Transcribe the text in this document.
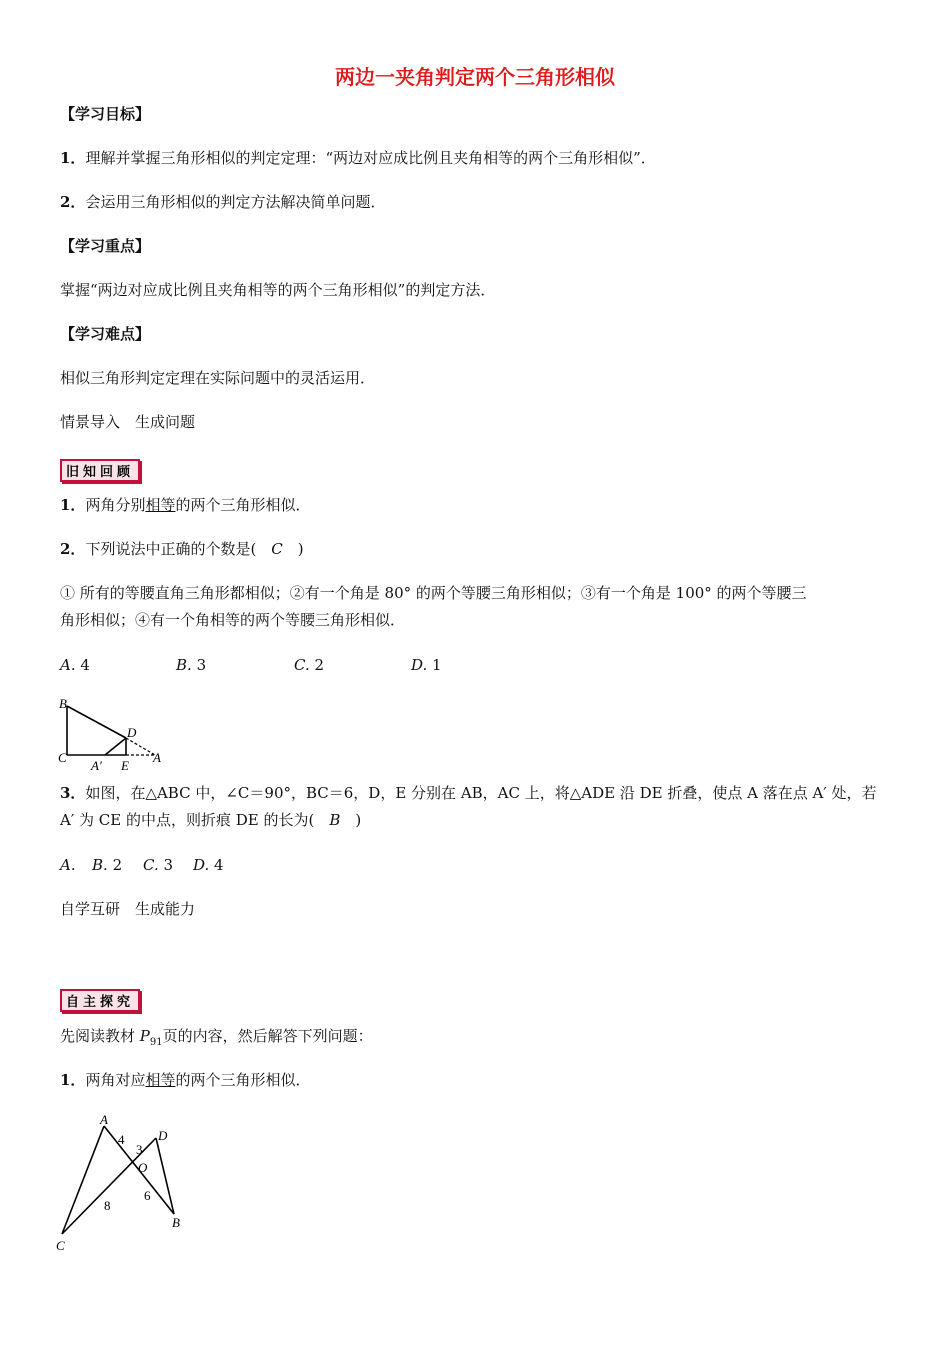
两边一夹角判定两个三角形相似
【学习目标】
1．理解并掌握三角形相似的判定定理：“两边对应成比例且夹角相等的两个三角形相似”．
2．会运用三角形相似的判定方法解决简单问题．
【学习重点】
掌握“两边对应成比例且夹角相等的两个三角形相似”的判定方法．
【学习难点】
相似三角形判定定理在实际问题中的灵活运用．
情景导入　生成问题
旧知回顾
1．两角分别相等的两个三角形相似．
2．下列说法中正确的个数是(　C　)
① 所有的等腰直角三角形都相似；②有一个角是 80° 的两个等腰三角形相似；③有一个角是 100° 的两个等腰三
角形相似；④有一个角相等的两个等腰三角形相似．
A. 4	B. 3	C. 2	D. 1
B
C
D
A
A′ E
3．如图，在△ABC 中，∠C＝90°，BC＝6，D，E 分别在 AB，AC 上，将△ADE 沿 DE 折叠，使点 A 落在点 A′ 处，若
A′ 为 CE 的中点，则折痕 DE 的长为(　B　)
A. B. 2 C. 3 D. 4
自学互研　生成能力
自主探究
先阅读教材 $P_{91}$页的内容，然后解答下列问题：
1．两角对应相等的两个三角形相似．
A
D
O
B
C
4
3
8
6
